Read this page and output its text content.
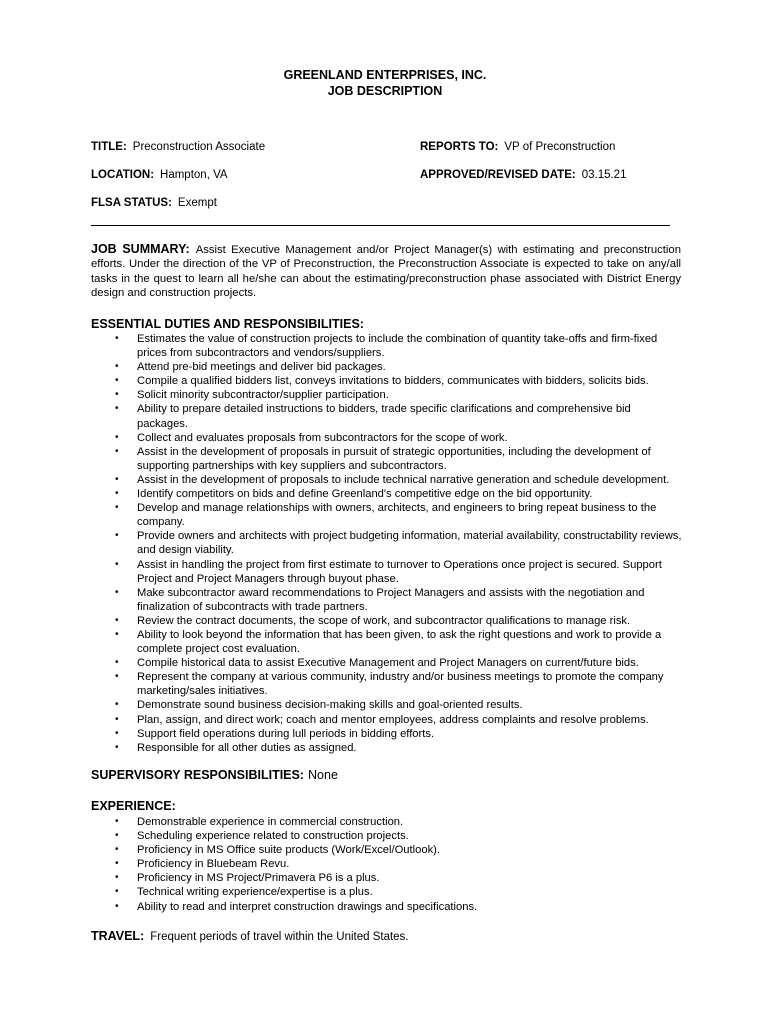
GREENLAND ENTERPRISES, INC.
JOB DESCRIPTION
TITLE: Preconstruction Associate	REPORTS TO: VP of Preconstruction
LOCATION: Hampton, VA	APPROVED/REVISED DATE: 03.15.21
FLSA STATUS: Exempt
JOB SUMMARY: Assist Executive Management and/or Project Manager(s) with estimating and preconstruction efforts. Under the direction of the VP of Preconstruction, the Preconstruction Associate is expected to take on any/all tasks in the quest to learn all he/she can about the estimating/preconstruction phase associated with District Energy design and construction projects.
ESSENTIAL DUTIES AND RESPONSIBILITIES:
• Estimates the value of construction projects to include the combination of quantity take-offs and firm-fixed prices from subcontractors and vendors/suppliers.
• Attend pre-bid meetings and deliver bid packages.
• Compile a qualified bidders list, conveys invitations to bidders, communicates with bidders, solicits bids.
• Solicit minority subcontractor/supplier participation.
• Ability to prepare detailed instructions to bidders, trade specific clarifications and comprehensive bid packages.
• Collect and evaluates proposals from subcontractors for the scope of work.
• Assist in the development of proposals in pursuit of strategic opportunities, including the development of supporting partnerships with key suppliers and subcontractors.
• Assist in the development of proposals to include technical narrative generation and schedule development.
• Identify competitors on bids and define Greenland's competitive edge on the bid opportunity.
• Develop and manage relationships with owners, architects, and engineers to bring repeat business to the company.
• Provide owners and architects with project budgeting information, material availability, constructability reviews, and design viability.
• Assist in handling the project from first estimate to turnover to Operations once project is secured. Support Project and Project Managers through buyout phase.
• Make subcontractor award recommendations to Project Managers and assists with the negotiation and finalization of subcontracts with trade partners.
• Review the contract documents, the scope of work, and subcontractor qualifications to manage risk.
• Ability to look beyond the information that has been given, to ask the right questions and work to provide a complete project cost evaluation.
• Compile historical data to assist Executive Management and Project Managers on current/future bids.
• Represent the company at various community, industry and/or business meetings to promote the company marketing/sales initiatives.
• Demonstrate sound business decision-making skills and goal-oriented results.
• Plan, assign, and direct work; coach and mentor employees, address complaints and resolve problems.
• Support field operations during lull periods in bidding efforts.
• Responsible for all other duties as assigned.
SUPERVISORY RESPONSIBILITIES: None
EXPERIENCE:
• Demonstrable experience in commercial construction.
• Scheduling experience related to construction projects.
• Proficiency in MS Office suite products (Work/Excel/Outlook).
• Proficiency in Bluebeam Revu.
• Proficiency in MS Project/Primavera P6 is a plus.
• Technical writing experience/expertise is a plus.
• Ability to read and interpret construction drawings and specifications.
TRAVEL: Frequent periods of travel within the United States.
